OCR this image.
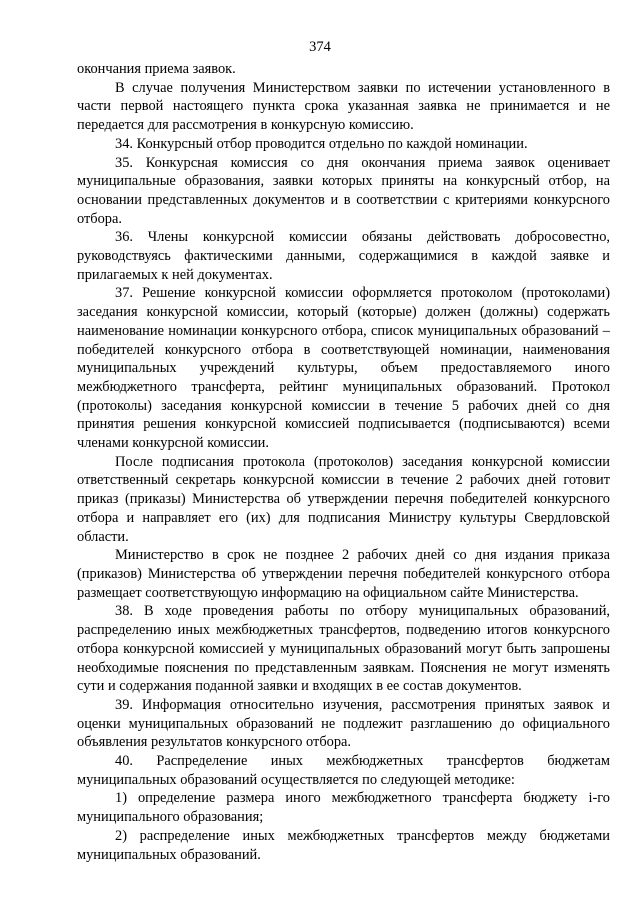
374

окончания приема заявок.

В случае получения Министерством заявки по истечении установленного в части первой настоящего пункта срока указанная заявка не принимается и не передается для рассмотрения в конкурсную комиссию.

34. Конкурсный отбор проводится отдельно по каждой номинации.

35. Конкурсная комиссия со дня окончания приема заявок оценивает муниципальные образования, заявки которых приняты на конкурсный отбор, на основании представленных документов и в соответствии с критериями конкурсного отбора.

36. Члены конкурсной комиссии обязаны действовать добросовестно, руководствуясь фактическими данными, содержащимися в каждой заявке и прилагаемых к ней документах.

37. Решение конкурсной комиссии оформляется протоколом (протоколами) заседания конкурсной комиссии, который (которые) должен (должны) содержать наименование номинации конкурсного отбора, список муниципальных образований – победителей конкурсного отбора в соответствующей номинации, наименования муниципальных учреждений культуры, объем предоставляемого иного межбюджетного трансферта, рейтинг муниципальных образований. Протокол (протоколы) заседания конкурсной комиссии в течение 5 рабочих дней со дня принятия решения конкурсной комиссией подписывается (подписываются) всеми членами конкурсной комиссии.

После подписания протокола (протоколов) заседания конкурсной комиссии ответственный секретарь конкурсной комиссии в течение 2 рабочих дней готовит приказ (приказы) Министерства об утверждении перечня победителей конкурсного отбора и направляет его (их) для подписания Министру культуры Свердловской области.

Министерство в срок не позднее 2 рабочих дней со дня издания приказа (приказов) Министерства об утверждении перечня победителей конкурсного отбора размещает соответствующую информацию на официальном сайте Министерства.

38. В ходе проведения работы по отбору муниципальных образований, распределению иных межбюджетных трансфертов, подведению итогов конкурсного отбора конкурсной комиссией у муниципальных образований могут быть запрошены необходимые пояснения по представленным заявкам. Пояснения не могут изменять сути и содержания поданной заявки и входящих в ее состав документов.

39. Информация относительно изучения, рассмотрения принятых заявок и оценки муниципальных образований не подлежит разглашению до официального объявления результатов конкурсного отбора.

40. Распределение иных межбюджетных трансфертов бюджетам муниципальных образований осуществляется по следующей методике:

1) определение размера иного межбюджетного трансферта бюджету i-го муниципального образования;

2) распределение иных межбюджетных трансфертов между бюджетами муниципальных образований.
